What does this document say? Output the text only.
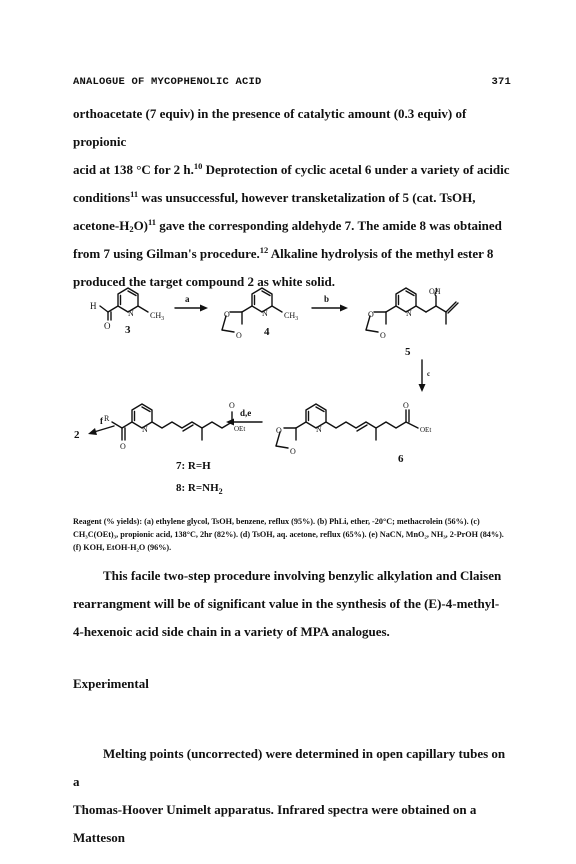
ANALOGUE OF MYCOPHENOLIC ACID	371

orthoacetate (7 equiv) in the presence of catalytic amount (0.3 equiv) of propionic

acid at 138 °C for 2 h.$^{10}$ Deprotection of cyclic acetal 6 under a variety of acidic

conditions$^{11}$ was unsuccessful, however transketalization of 5 (cat. TsOH,

acetone-$H_2O)^{11}$ gave the corresponding aldehyde 7. The amide 8 was obtained

from 7 using Gilman's procedure.$^{12}$ Alkaline hydrolysis of the methyl ester 8

produced the target compound 2 as white solid.

a	b
c
d,e
f
H
O
N $CH_3$
N
O
O
$CH_3$
N
O
O
OH
N
O
O
O
OEt
N
O
R
O
OEt
3	4
5
6
2
7: R=H
8: $R=NH_2$

Reagent (% yields): (a) ethylene glycol, TsOH, benzene, reflux (95%). (b) PhLi, ether, -20°C; methacrolein (56%). (c) CH₃C(OEt)₃, propionic acid, 138°C, 2hr (82%). (d) TsOH, aq. acetone, reflux (65%). (e) NaCN, MnO₂, NH₃, 2-PrOH (84%). (f) KOH, EtOH-H₂O (96%).

This facile two-step procedure involving benzylic alkylation and Claisen

rearrangment will be of significant value in the synthesis of the (E)-4-methyl-

4-hexenoic acid side chain in a variety of MPA analogues.

Experimental

Melting points (uncorrected) were determined in open capillary tubes on a

Thomas-Hoover Unimelt apparatus. Infrared spectra were obtained on a Matteson
